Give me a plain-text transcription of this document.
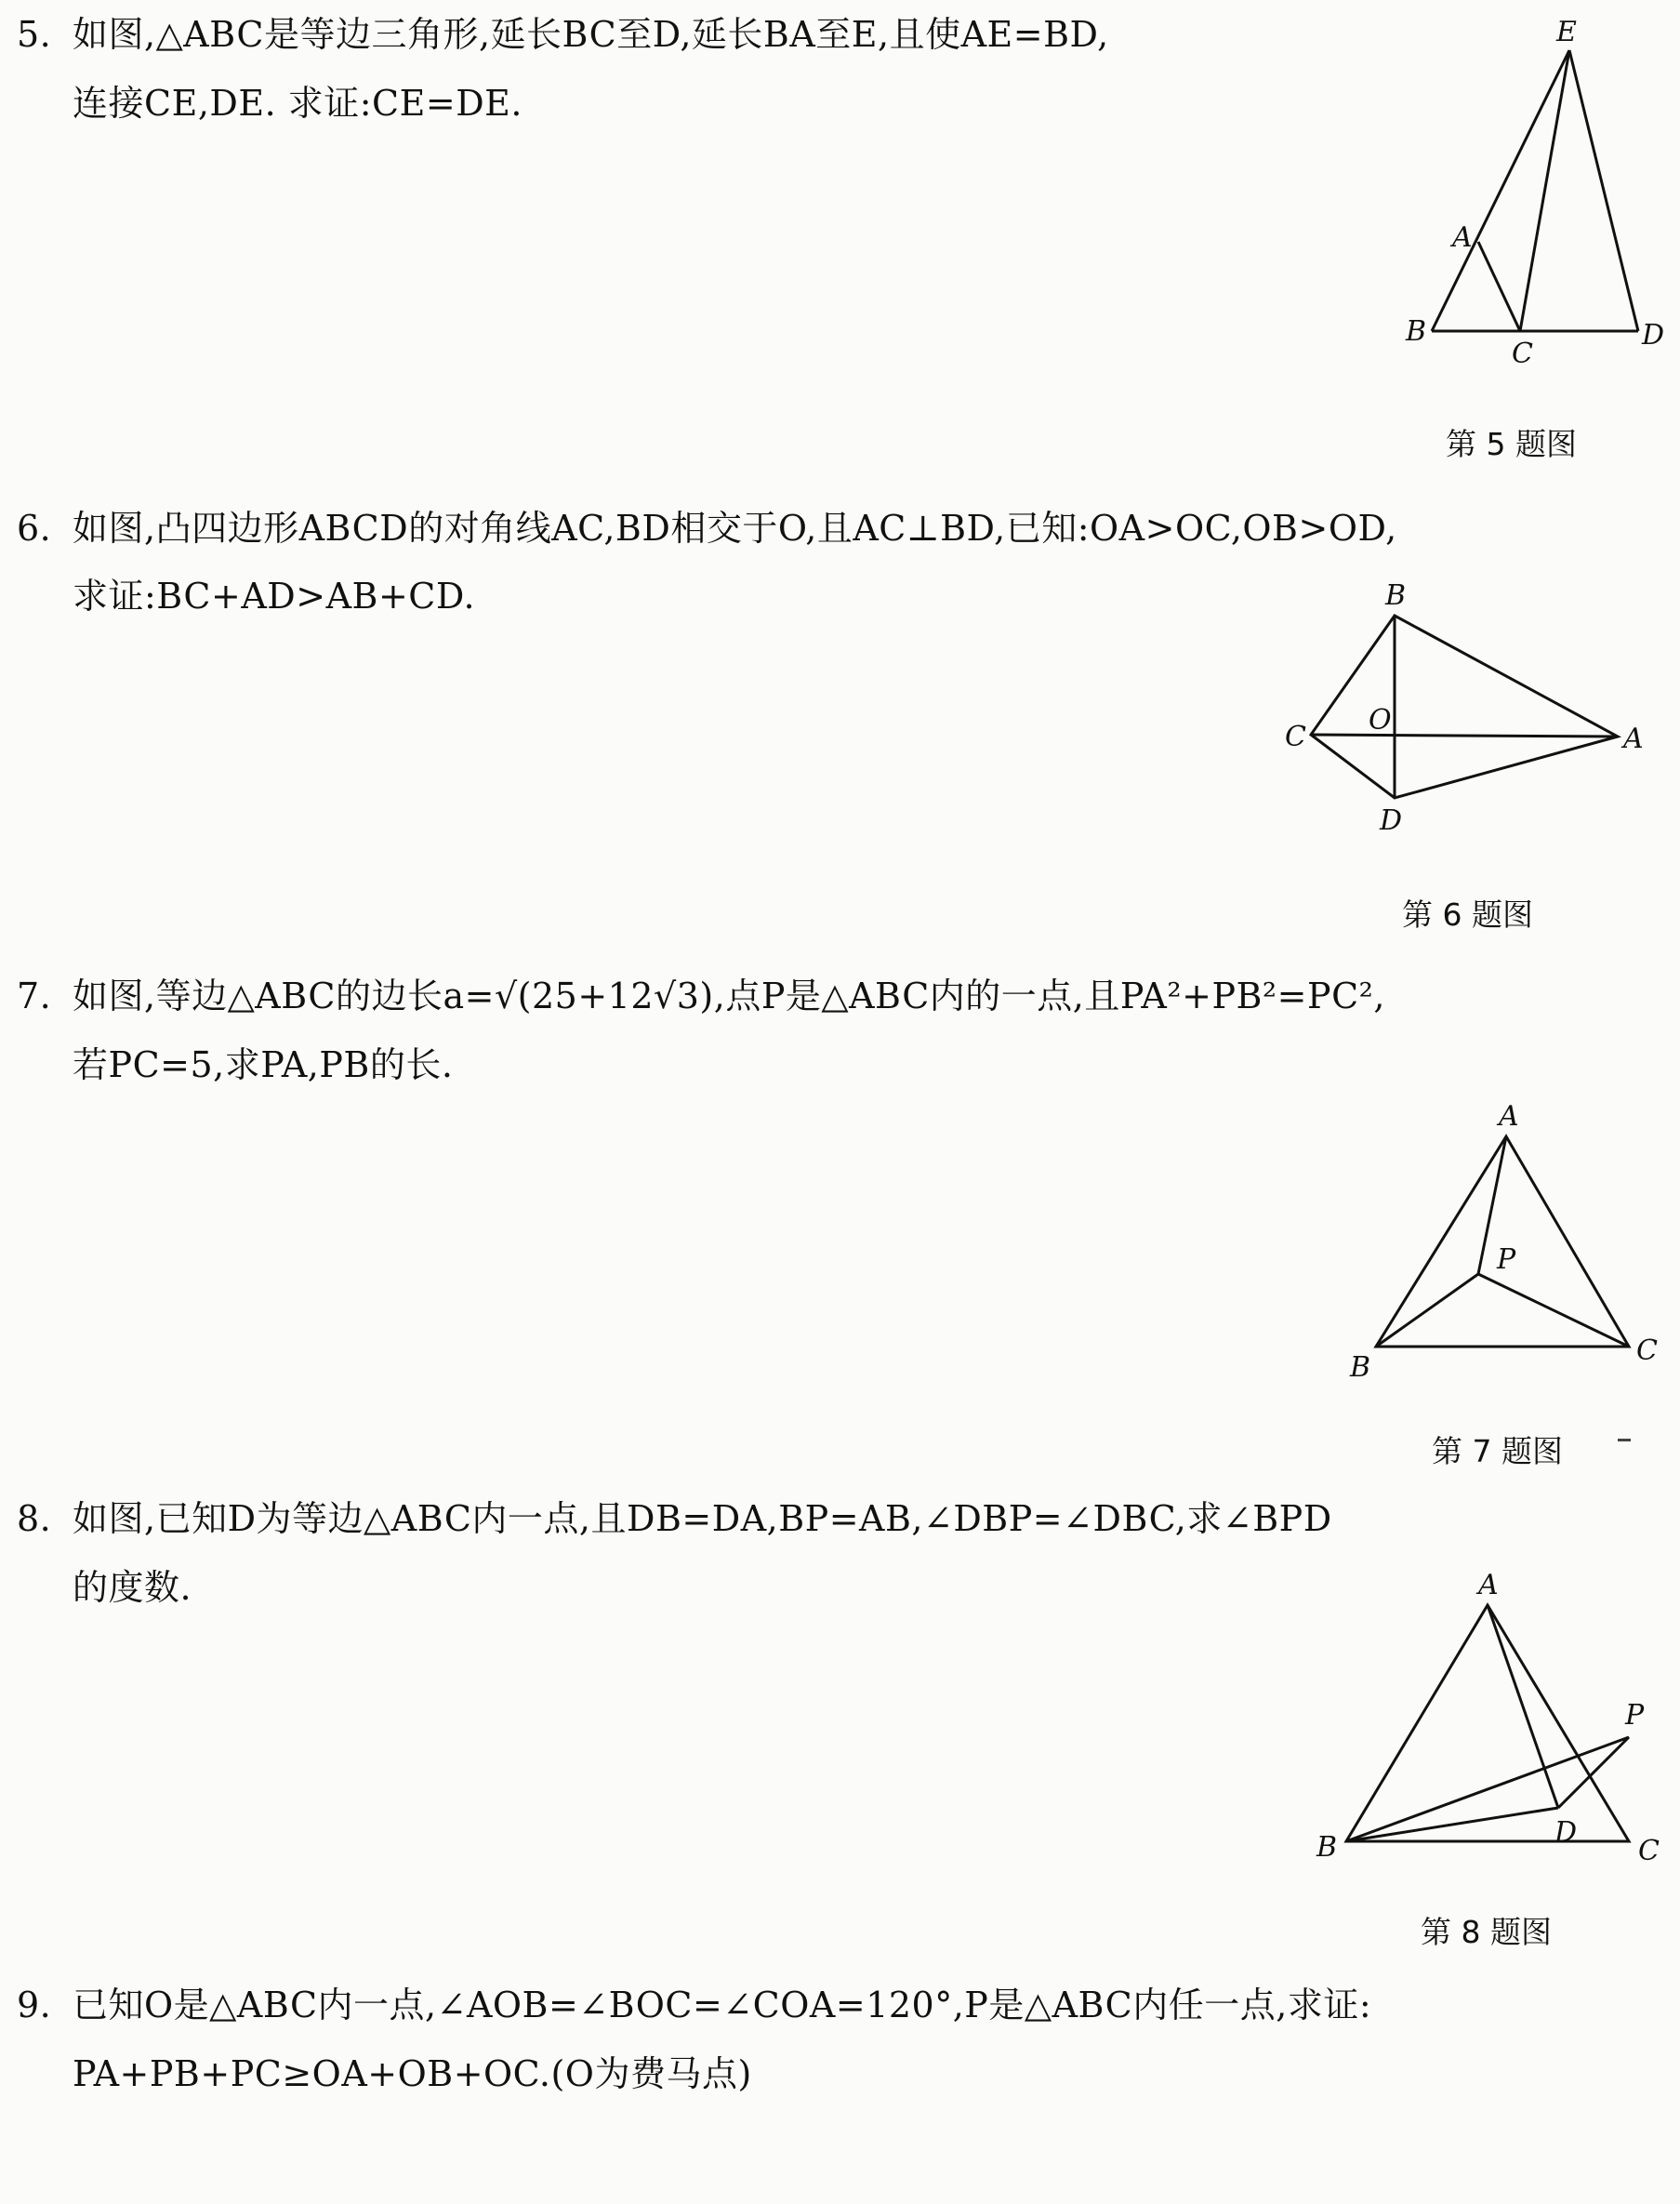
5. 如图,△ABC是等边三角形,延长BC至D,延长BA至E,且使AE=BD,
连接CE,DE. 求证:CE=DE.
E
A
B
C
D
第 5 题图
6. 如图,凸四边形ABCD的对角线AC,BD相交于O,且AC⊥BD,已知:OA>OC,OB>OD,
求证:BC+AD>AB+CD.	B
C
O
A
D
第 6 题图
7. 如图,等边△ABC的边长a=√(25+12√3),点P是△ABC内的一点,且PA²+PB²=PC²,
若PC=5,求PA,PB的长.
A
P
B
C
第 7 题图
8. 如图,已知D为等边△ABC内一点,且DB=DA,BP=AB,∠DBP=∠DBC,求∠BPD
的度数.	A
P
B	D
C
第 8 题图
9. 已知O是△ABC内一点,∠AOB=∠BOC=∠COA=120°,P是△ABC内任一点,求证:
PA+PB+PC≥OA+OB+OC.(O为费马点)
